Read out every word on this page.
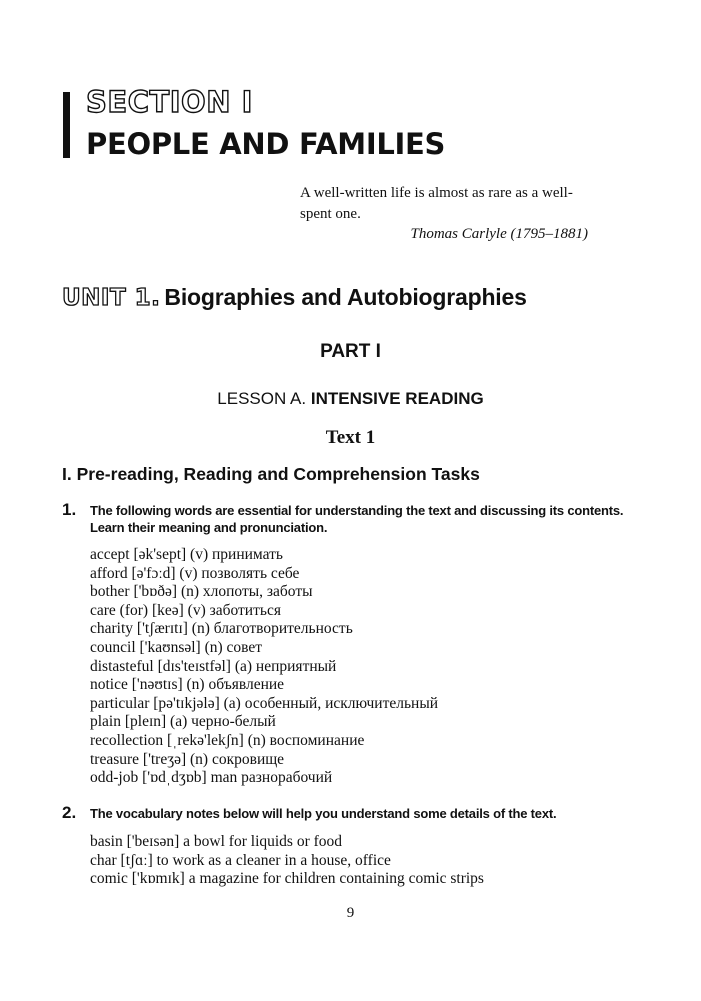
SECTION I
PEOPLE AND FAMILIES
A well-written life is almost as rare as a well-spent one.
Thomas Carlyle (1795–1881)
UNIT 1. Biographies and Autobiographies
PART I
LESSON A. INTENSIVE READING
Text 1
I. Pre-reading, Reading and Comprehension Tasks
1. The following words are essential for understanding the text and discussing its contents. Learn their meaning and pronunciation.
accept [ək'sept] (v) принимать
afford [ə'fɔːd] (v) позволять себе
bother ['bɒðə] (n) хлопоты, заботы
care (for) [keə] (v) заботиться
charity ['tʃærɪtɪ] (n) благотворительность
council ['kaʊnsəl] (n) совет
distasteful [dɪs'teɪstfəl] (a) неприятный
notice ['nəʊtɪs] (n) объявление
particular [pə'tɪkjələ] (a) особенный, исключительный
plain [pleɪn] (a) черно-белый
recollection [ˌrekə'lekʃn] (n) воспоминание
treasure ['treʒə] (n) сокровище
odd-job ['ɒdˌdʒɒb] man разнорабочий
2. The vocabulary notes below will help you understand some details of the text.
basin ['beɪsən] a bowl for liquids or food
char [tʃɑː] to work as a cleaner in a house, office
comic ['kɒmɪk] a magazine for children containing comic strips
9
